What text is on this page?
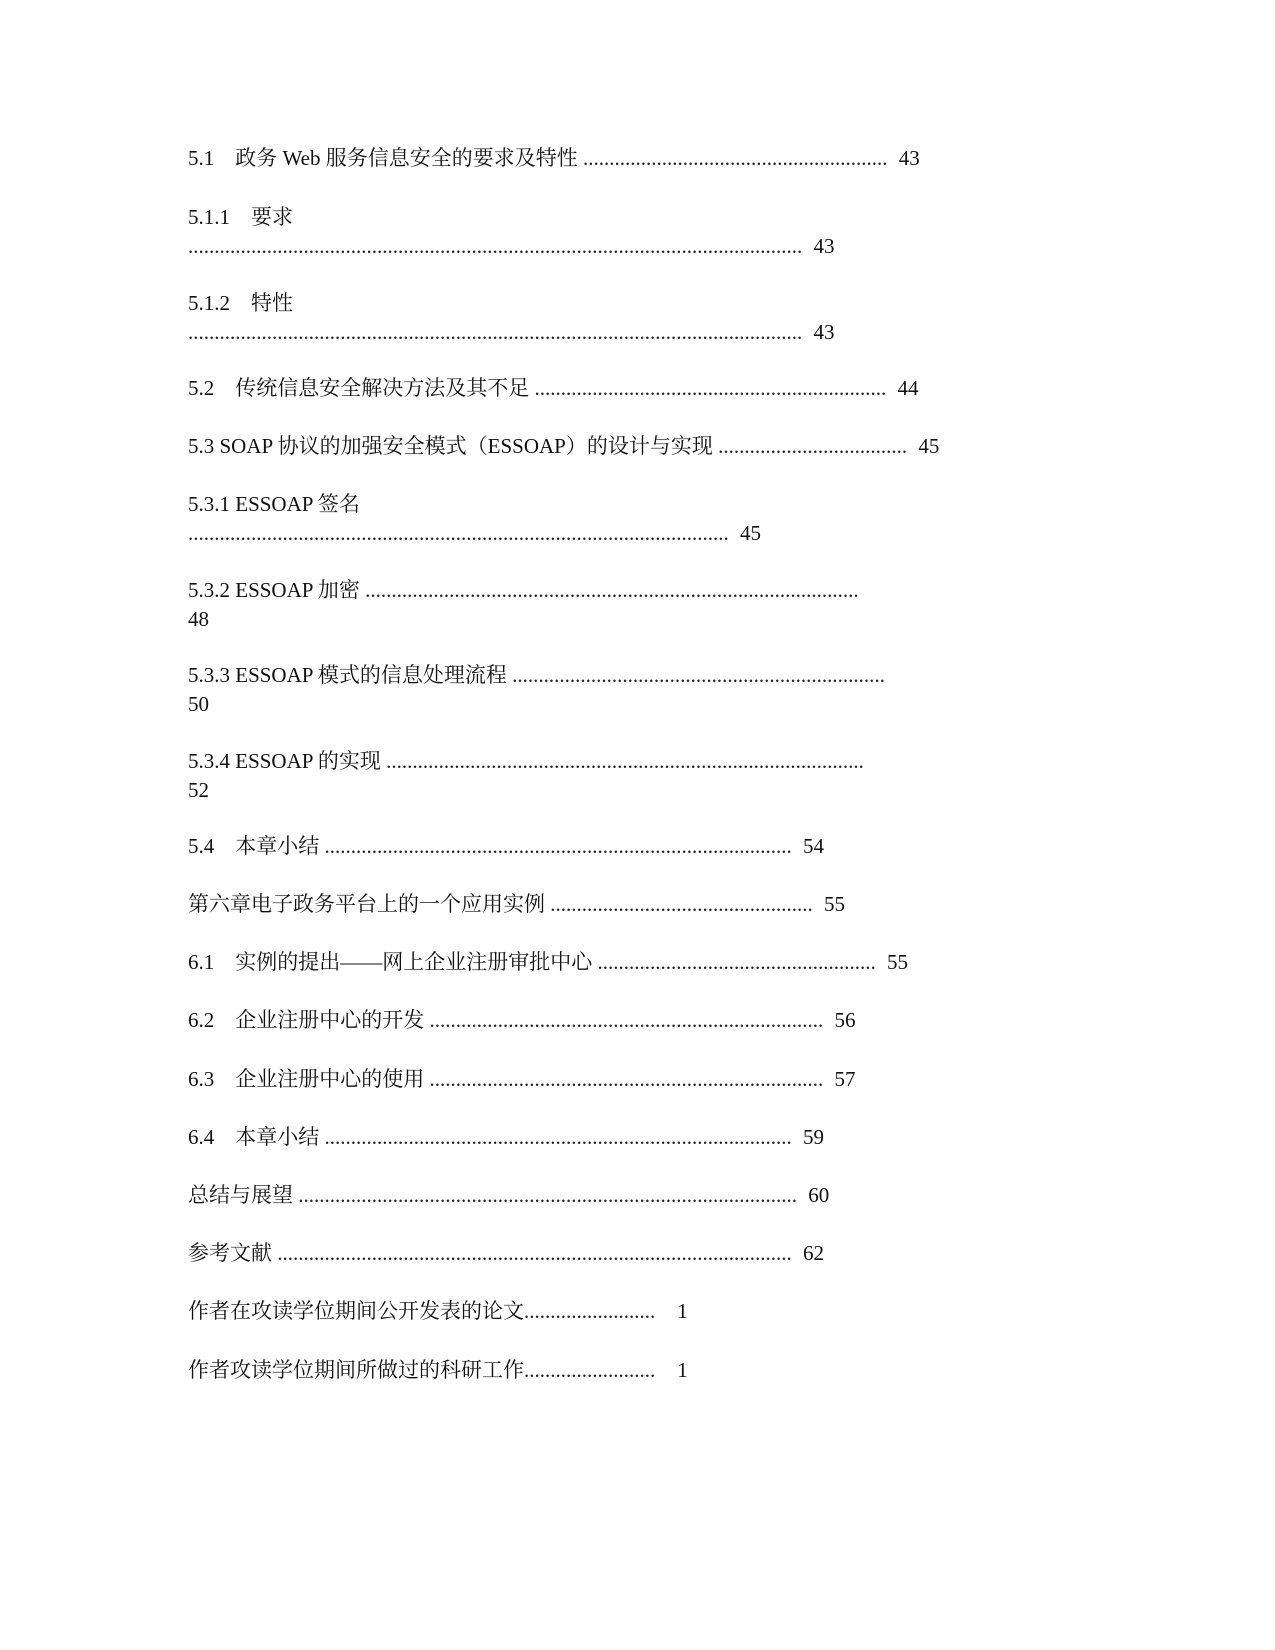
5.1　政务 Web 服务信息安全的要求及特性 .......................................................... 43
5.1.1　要求
..................................................................................................................... 43
5.1.2　特性
..................................................................................................................... 43
5.2　传统信息安全解决方法及其不足 ................................................................... 44
5.3 SOAP 协议的加强安全模式（ESSOAP）的设计与实现 .................................... 45
5.3.1 ESSOAP 签名
....................................................................................................... 45
5.3.2 ESSOAP 加密 ..............................................................................................
48
5.3.3 ESSOAP 模式的信息处理流程 .......................................................................
50
5.3.4 ESSOAP 的实现 ...........................................................................................
52
5.4　本章小结 ......................................................................................... 54
第六章电子政务平台上的一个应用实例 .................................................. 55
6.1　实例的提出——网上企业注册审批中心 ..................................................... 55
6.2　企业注册中心的开发 ........................................................................... 56
6.3　企业注册中心的使用 ........................................................................... 57
6.4　本章小结 ......................................................................................... 59
总结与展望 ............................................................................................... 60
参考文献 .................................................................................................. 62
作者在攻读学位期间公开发表的论文......................... 1
作者攻读学位期间所做过的科研工作......................... 1
